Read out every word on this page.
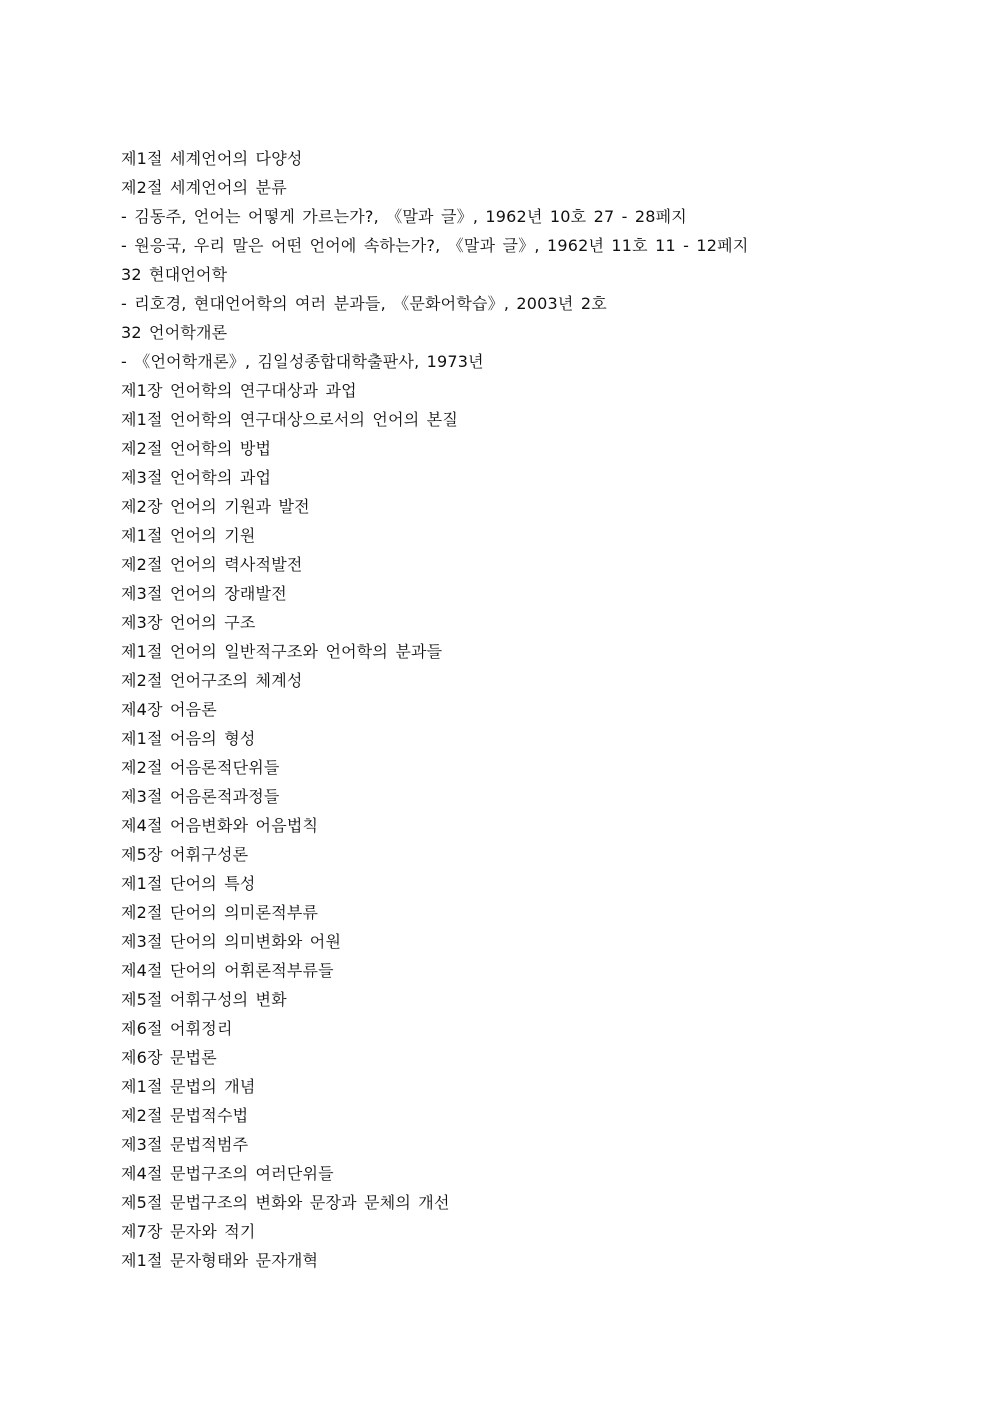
제1절 세계언어의 다양성
제2절 세계언어의 분류
- 김동주, 언어는 어떻게 가르는가?, 《말과 글》, 1962년 10호 27 - 28페지
- 원응국, 우리 말은 어떤 언어에 속하는가?, 《말과 글》, 1962년 11호 11 - 12페지
32 현대언어학
- 리호경, 현대언어학의 여러 분과들, 《문화어학습》, 2003년 2호
32 언어학개론
- 《언어학개론》, 김일성종합대학출판사, 1973년
제1장 언어학의 연구대상과 과업
제1절 언어학의 연구대상으로서의 언어의 본질
제2절 언어학의 방법
제3절 언어학의 과업
제2장 언어의 기원과 발전
제1절 언어의 기원
제2절 언어의 력사적발전
제3절 언어의 장래발전
제3장 언어의 구조
제1절 언어의 일반적구조와 언어학의 분과들
제2절 언어구조의 체계성
제4장 어음론
제1절 어음의 형성
제2절 어음론적단위들
제3절 어음론적과정들
제4절 어음변화와 어음법칙
제5장 어휘구성론
제1절 단어의 특성
제2절 단어의 의미론적부류
제3절 단어의 의미변화와 어원
제4절 단어의 어휘론적부류들
제5절 어휘구성의 변화
제6절 어휘정리
제6장 문법론
제1절 문법의 개념
제2절 문법적수법
제3절 문법적범주
제4절 문법구조의 여러단위들
제5절 문법구조의 변화와 문장과 문체의 개선
제7장 문자와 적기
제1절 문자형태와 문자개혁
